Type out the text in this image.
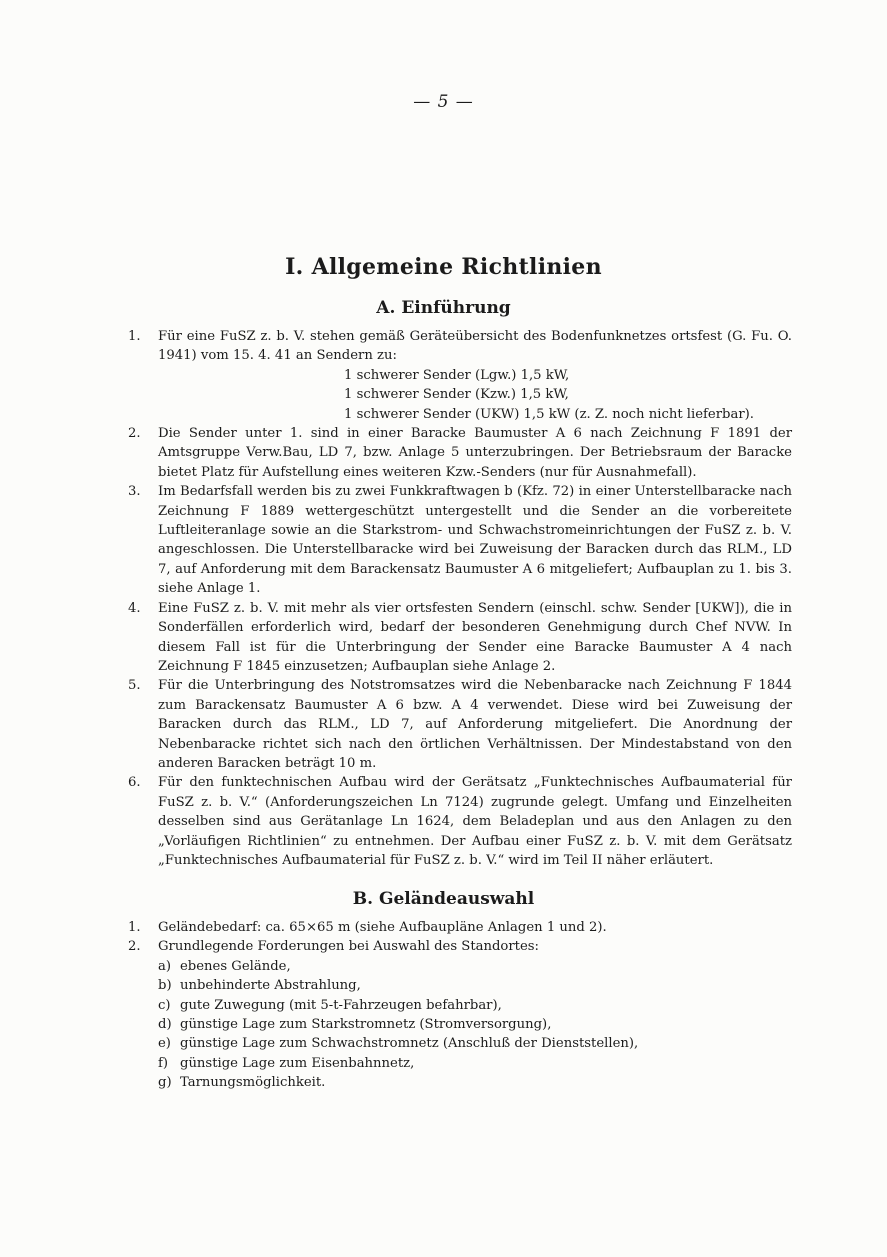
— 5 —
I. Allgemeine Richtlinien
A. Einführung
1.	Für eine FuSZ z. b. V. stehen gemäß Geräteübersicht des Bodenfunknetzes ortsfest (G. Fu. O. 1941) vom 15. 4. 41 an Sendern zu:
1 schwerer Sender (Lgw.) 1,5 kW,
1 schwerer Sender (Kzw.) 1,5 kW,
1 schwerer Sender (UKW) 1,5 kW (z. Z. noch nicht lieferbar).
2.	Die Sender unter 1. sind in einer Baracke Baumuster A 6 nach Zeichnung F 1891 der Amtsgruppe Verw.Bau, LD 7, bzw. Anlage 5 unterzubringen. Der Betriebsraum der Baracke bietet Platz für Aufstellung eines weiteren Kzw.-Senders (nur für Ausnahmefall).
3.	Im Bedarfsfall werden bis zu zwei Funkkraftwagen b (Kfz. 72) in einer Unterstellbaracke nach Zeichnung F 1889 wettergeschützt untergestellt und die Sender an die vorbereitete Luftleiteranlage sowie an die Starkstrom- und Schwachstromeinrichtungen der FuSZ z. b. V. angeschlossen. Die Unterstellbaracke wird bei Zuweisung der Baracken durch das RLM., LD 7, auf Anforderung mit dem Barackensatz Baumuster A 6 mitgeliefert; Aufbauplan zu 1. bis 3. siehe Anlage 1.
4.	Eine FuSZ z. b. V. mit mehr als vier ortsfesten Sendern (einschl. schw. Sender [UKW]), die in Sonderfällen erforderlich wird, bedarf der besonderen Genehmigung durch Chef NVW. In diesem Fall ist für die Unterbringung der Sender eine Baracke Baumuster A 4 nach Zeichnung F 1845 einzusetzen; Aufbauplan siehe Anlage 2.
5.	Für die Unterbringung des Notstromsatzes wird die Nebenbaracke nach Zeichnung F 1844 zum Barackensatz Baumuster A 6 bzw. A 4 verwendet. Diese wird bei Zuweisung der Baracken durch das RLM., LD 7, auf Anforderung mitgeliefert. Die Anordnung der Nebenbaracke richtet sich nach den örtlichen Verhältnissen. Der Mindestabstand von den anderen Baracken beträgt 10 m.
6.	Für den funktechnischen Aufbau wird der Gerätsatz „Funktechnisches Aufbaumaterial für FuSZ z. b. V.“ (Anforderungszeichen Ln 7124) zugrunde gelegt. Umfang und Einzelheiten desselben sind aus Gerätanlage Ln 1624, dem Beladeplan und aus den Anlagen zu den „Vorläufigen Richtlinien“ zu entnehmen. Der Aufbau einer FuSZ z. b. V. mit dem Gerätsatz „Funktechnisches Aufbaumaterial für FuSZ z. b. V.“ wird im Teil II näher erläutert.
B. Geländeauswahl
1.	Geländebedarf: ca. 65×65 m (siehe Aufbaupläne Anlagen 1 und 2).
2.	Grundlegende Forderungen bei Auswahl des Standortes:
a) ebenes Gelände,
b) unbehinderte Abstrahlung,
c) gute Zuwegung (mit 5-t-Fahrzeugen befahrbar),
d) günstige Lage zum Starkstromnetz (Stromversorgung),
e) günstige Lage zum Schwachstromnetz (Anschluß der Dienststellen),
f) günstige Lage zum Eisenbahnnetz,
g) Tarnungsmöglichkeit.
